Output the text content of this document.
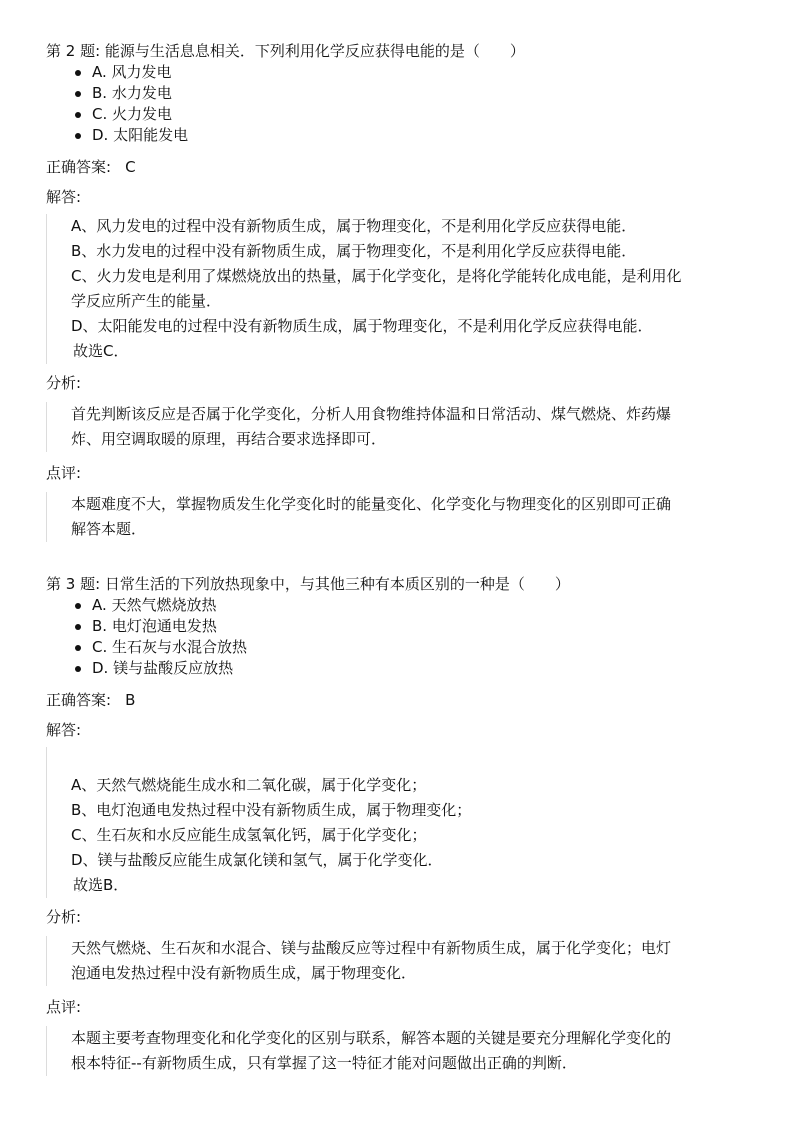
第 2 题: 能源与生活息息相关．下列利用化学反应获得电能的是（　　）
A. 风力发电
B. 水力发电
C. 火力发电
D. 太阳能发电
正确答案: C
解答:

A、风力发电的过程中没有新物质生成，属于物理变化，不是利用化学反应获得电能．

B、水力发电的过程中没有新物质生成，属于物理变化，不是利用化学反应获得电能．

C、火力发电是利用了煤燃烧放出的热量，属于化学变化，是将化学能转化成电能，是利用化

学反应所产生的能量．

D、太阳能发电的过程中没有新物质生成，属于物理变化，不是利用化学反应获得电能．

故选C．

分析:

首先判断该反应是否属于化学变化，分析人用食物维持体温和日常活动、煤气燃烧、炸药爆

炸、用空调取暖的原理，再结合要求选择即可．

点评:

本题难度不大，掌握物质发生化学变化时的能量变化、化学变化与物理变化的区别即可正确

解答本题．

第 3 题: 日常生活的下列放热现象中，与其他三种有本质区别的一种是（　　）
A. 天然气燃烧放热
B. 电灯泡通电发热
C. 生石灰与水混合放热
D. 镁与盐酸反应放热
正确答案: B
解答:

A、天然气燃烧能生成水和二氧化碳，属于化学变化；

B、电灯泡通电发热过程中没有新物质生成，属于物理变化；

C、生石灰和水反应能生成氢氧化钙，属于化学变化；

D、镁与盐酸反应能生成氯化镁和氢气，属于化学变化．

故选B．

分析:

天然气燃烧、生石灰和水混合、镁与盐酸反应等过程中有新物质生成，属于化学变化；电灯

泡通电发热过程中没有新物质生成，属于物理变化．

点评:

本题主要考查物理变化和化学变化的区别与联系，解答本题的关键是要充分理解化学变化的

根本特征--有新物质生成，只有掌握了这一特征才能对问题做出正确的判断．
